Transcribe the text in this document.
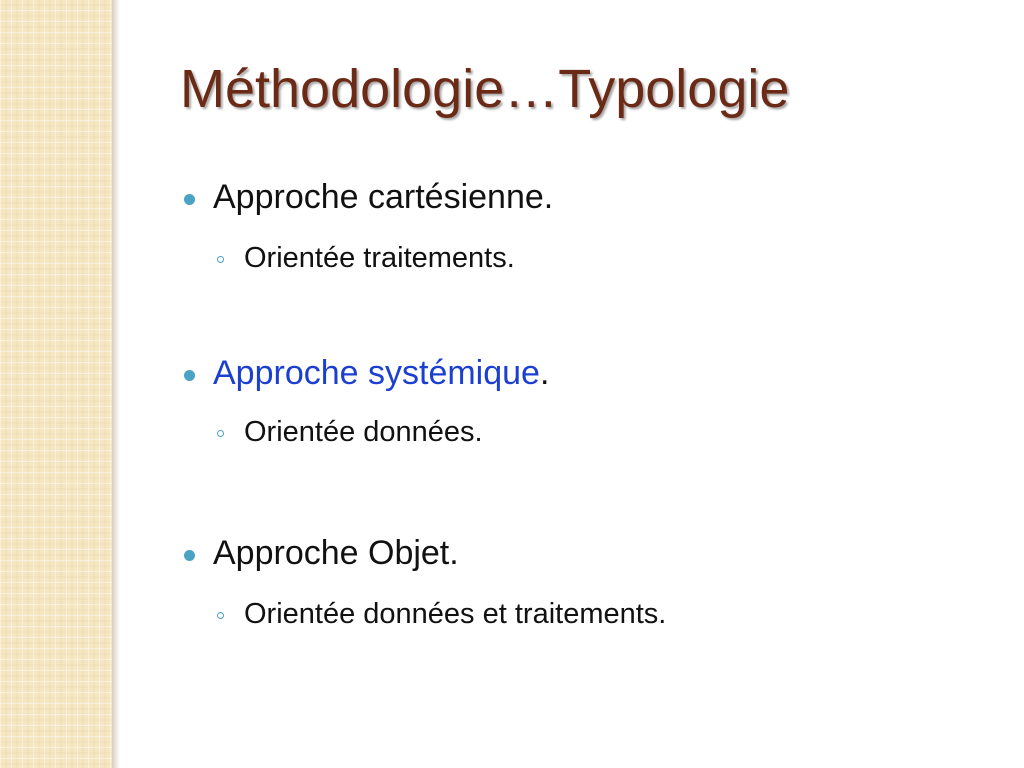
Méthodologie…Typologie
Approche cartésienne.
Orientée traitements.
Approche systémique.
Orientée données.
Approche Objet.
Orientée données et traitements.
